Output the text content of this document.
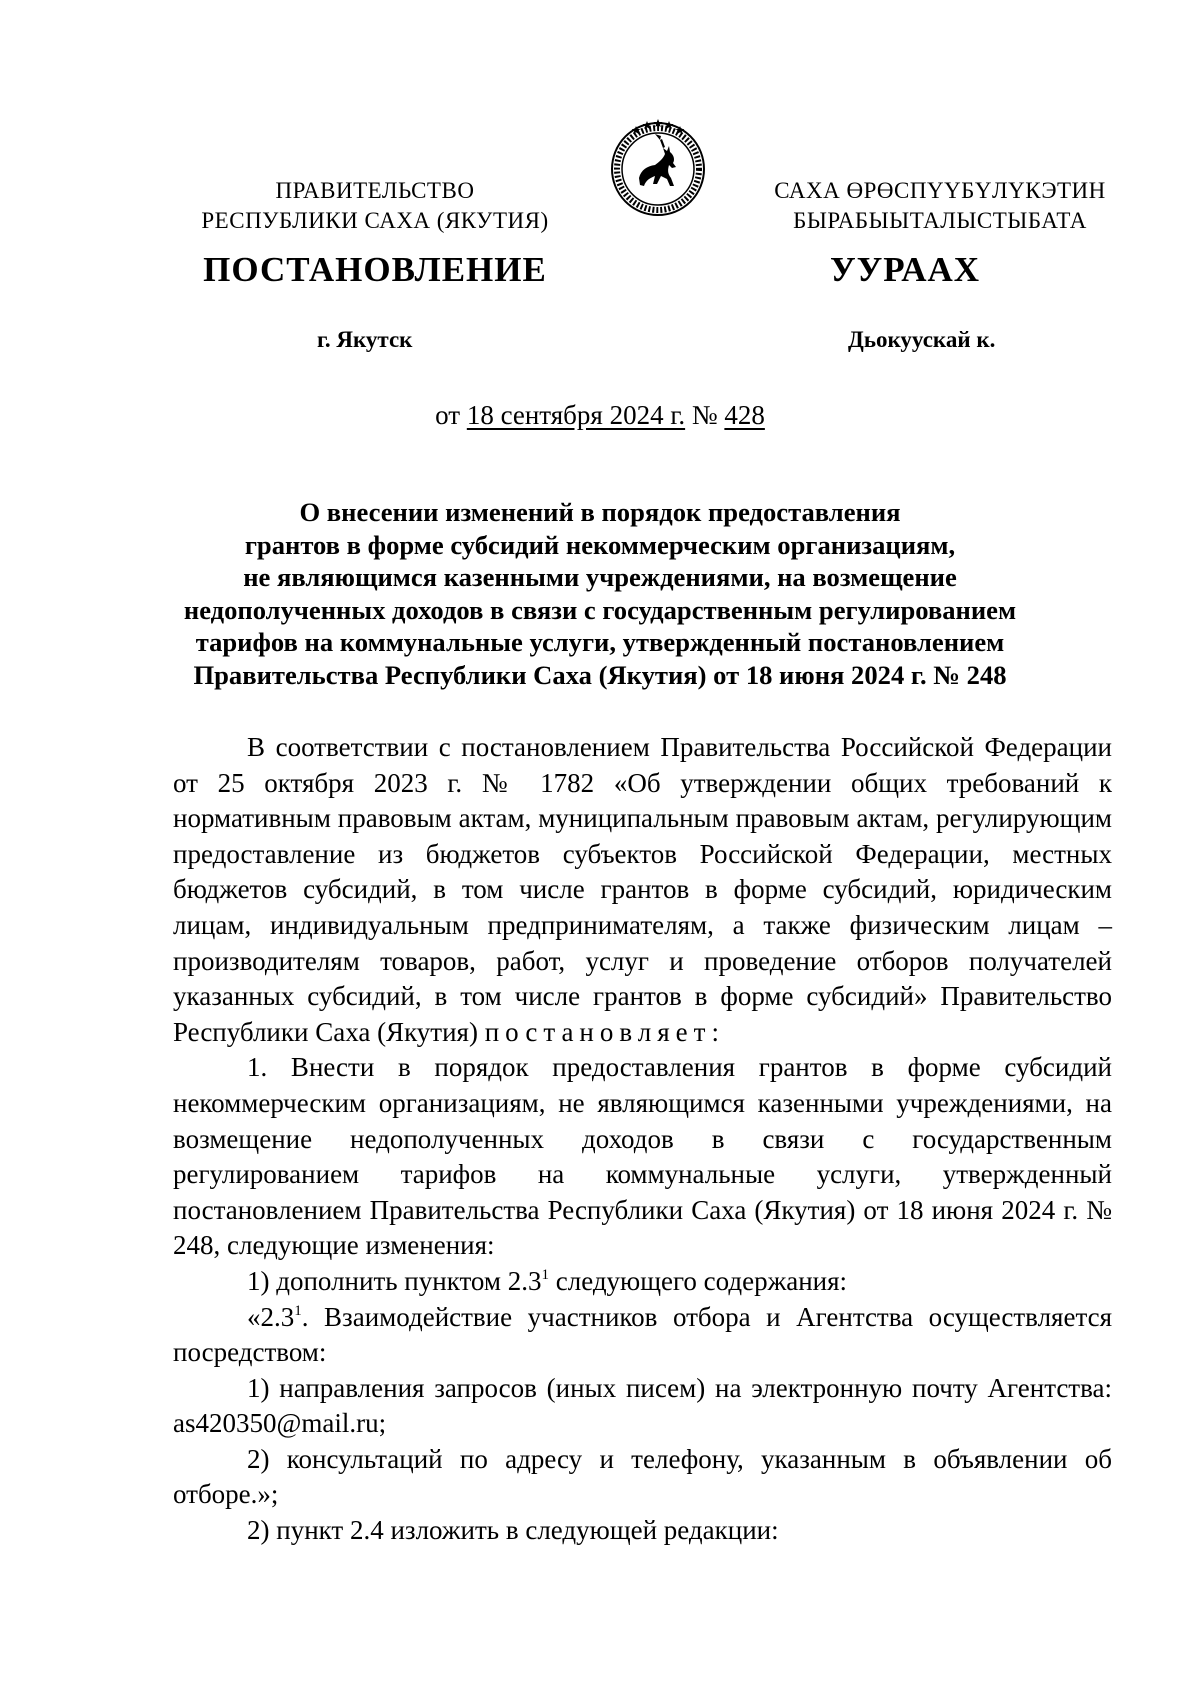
ПРАВИТЕЛЬСТВО
РЕСПУБЛИКИ САХА (ЯКУТИЯ)
САХА ӨРӨСПҮҮБҮЛҮКЭТИН
БЫРАБЫЫТАЛЫСТЫБАТА
ПОСТАНОВЛЕНИЕ	УУРААХ
г. Якутск	Дьокуускай к.
от 18 сентября 2024 г. № 428
О внесении изменений в порядок предоставления
грантов в форме субсидий некоммерческим организациям,
не являющимся казенными учреждениями, на возмещение
недополученных доходов в связи с государственным регулированием
тарифов на коммунальные услуги, утвержденный постановлением
Правительства Республики Саха (Якутия) от 18 июня 2024 г. № 248

В соответствии с постановлением Правительства Российской Федерации от 25 октября 2023 г. № 1782 «Об утверждении общих требований к нормативным правовым актам, муниципальным правовым актам, регулирующим предоставление из бюджетов субъектов Российской Федерации, местных бюджетов субсидий, в том числе грантов в форме субсидий, юридическим лицам, индивидуальным предпринимателям, а также физическим лицам – производителям товаров, работ, услуг и проведение отборов получателей указанных субсидий, в том числе грантов в форме субсидий» Правительство Республики Саха (Якутия) постановляет:

1. Внести в порядок предоставления грантов в форме субсидий некоммерческим организациям, не являющимся казенными учреждениями, на возмещение недополученных доходов в связи с государственным регулированием тарифов на коммунальные услуги, утвержденный постановлением Правительства Республики Саха (Якутия) от 18 июня 2024 г. № 248, следующие изменения:

1) дополнить пунктом $2.3^1$ следующего содержания:

«$2.3^1$. Взаимодействие участников отбора и Агентства осуществляется посредством:

1) направления запросов (иных писем) на электронную почту Агентства: as420350@mail.ru;

2) консультаций по адресу и телефону, указанным в объявлении об отборе.»;

2) пункт 2.4 изложить в следующей редакции:
